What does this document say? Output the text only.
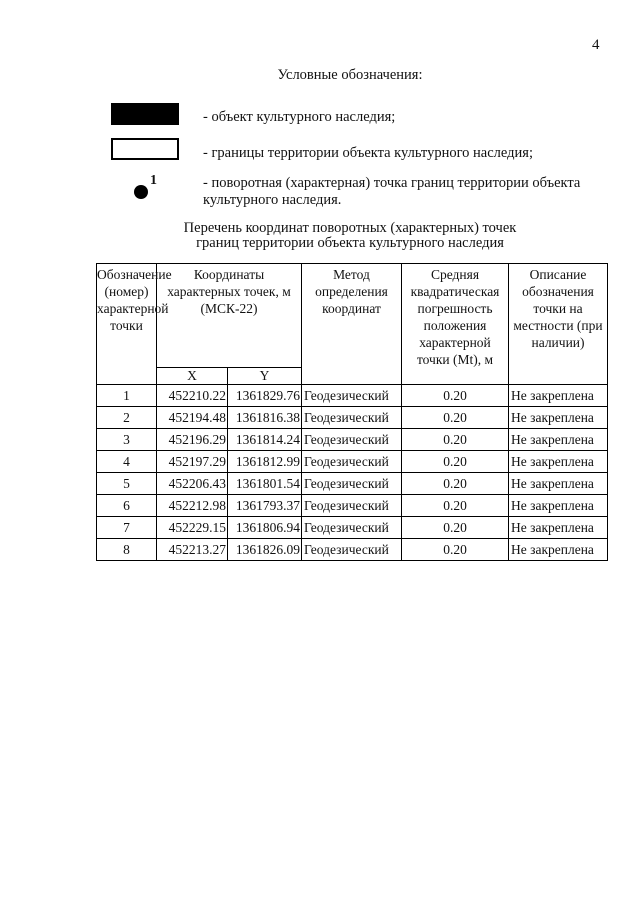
4
Условные обозначения:
- объект культурного наследия;
- границы территории объекта культурного наследия;
1	- поворотная (характерная) точка границ территории объекта культурного наследия.
Перечень координат поворотных (характерных) точек
границ территории объекта культурного наследия
Обозначение (номер) характерной точки	Координаты характерных точек, м (МСК-22)		Метод определения координат	Средняя квадратическая погрешность положения характерной точки (Mt), м	Описание обозначения точки на местности (при наличии)
	X	Y			
1	452210.22	1361829.76	Геодезический	0.20	Не закреплена
2	452194.48	1361816.38	Геодезический	0.20	Не закреплена
3	452196.29	1361814.24	Геодезический	0.20	Не закреплена
4	452197.29	1361812.99	Геодезический	0.20	Не закреплена
5	452206.43	1361801.54	Геодезический	0.20	Не закреплена
6	452212.98	1361793.37	Геодезический	0.20	Не закреплена
7	452229.15	1361806.94	Геодезический	0.20	Не закреплена
8	452213.27	1361826.09	Геодезический	0.20	Не закреплена
